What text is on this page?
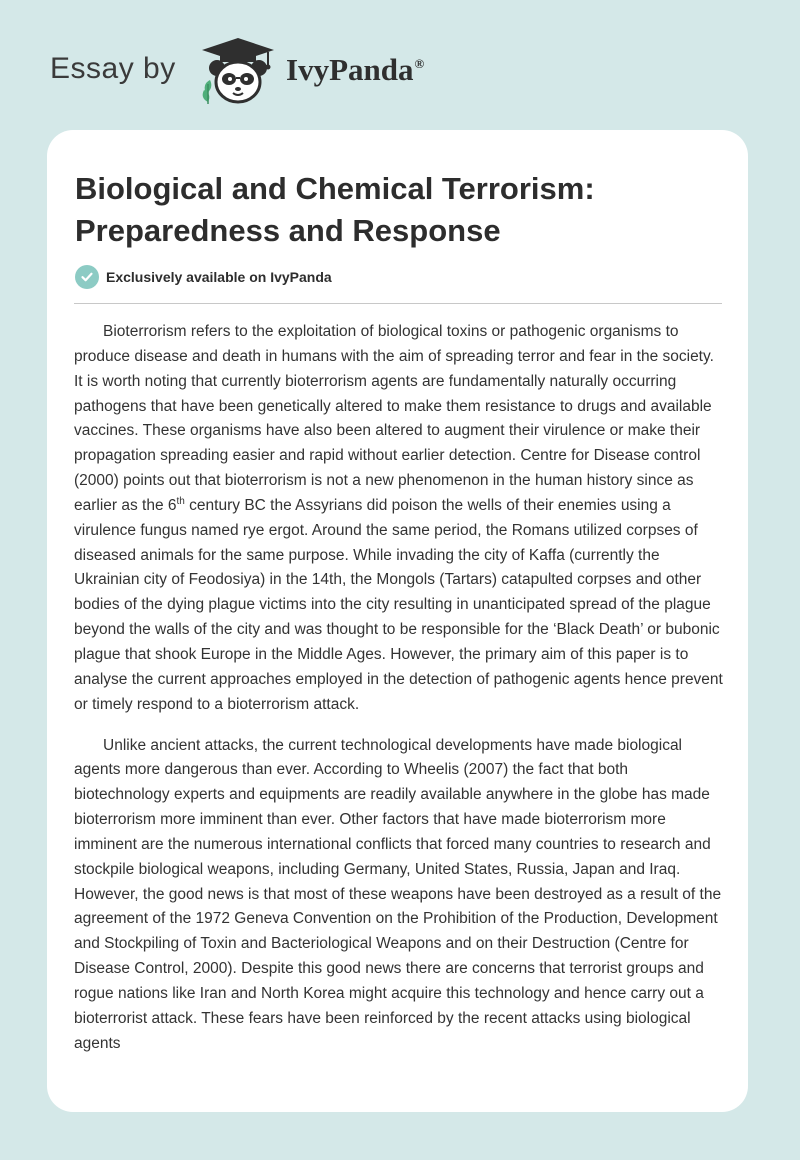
Essay by	IvyPanda®
Biological and Chemical Terrorism: Preparedness and Response
Exclusively available on IvyPanda

Bioterrorism refers to the exploitation of biological toxins or pathogenic organisms to produce disease and death in humans with the aim of spreading terror and fear in the society. It is worth noting that currently bioterrorism agents are fundamentally naturally occurring pathogens that have been genetically altered to make them resistance to drugs and available vaccines. These organisms have also been altered to augment their virulence or make their propagation spreading easier and rapid without earlier detection. Centre for Disease control (2000) points out that bioterrorism is not a new phenomenon in the human history since as earlier as the 6th century BC the Assyrians did poison the wells of their enemies using a virulence fungus named rye ergot. Around the same period, the Romans utilized corpses of diseased animals for the same purpose. While invading the city of Kaffa (currently the Ukrainian city of Feodosiya) in the 14th, the Mongols (Tartars) catapulted corpses and other bodies of the dying plague victims into the city resulting in unanticipated spread of the plague beyond the walls of the city and was thought to be responsible for the ‘Black Death’ or bubonic plague that shook Europe in the Middle Ages. However, the primary aim of this paper is to analyse the current approaches employed in the detection of pathogenic agents hence prevent or timely respond to a bioterrorism attack.

Unlike ancient attacks, the current technological developments have made biological agents more dangerous than ever. According to Wheelis (2007) the fact that both biotechnology experts and equipments are readily available anywhere in the globe has made bioterrorism more imminent than ever. Other factors that have made bioterrorism more imminent are the numerous international conflicts that forced many countries to research and stockpile biological weapons, including Germany, United States, Russia, Japan and Iraq. However, the good news is that most of these weapons have been destroyed as a result of the agreement of the 1972 Geneva Convention on the Prohibition of the Production, Development and Stockpiling of Toxin and Bacteriological Weapons and on their Destruction (Centre for Disease Control, 2000). Despite this good news there are concerns that terrorist groups and rogue nations like Iran and North Korea might acquire this technology and hence carry out a bioterrorist attack. These fears have been reinforced by the recent attacks using biological agents
